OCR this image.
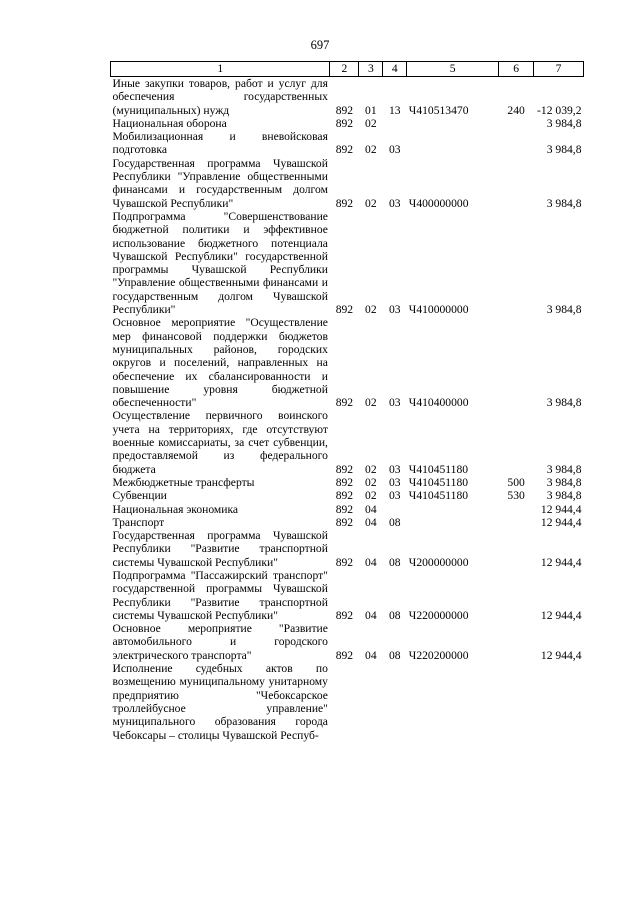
697
1	2	3	4	5	6	7
Иные закупки товаров, работ и услуг для обеспечения государственных (муниципальных) нужд	892	01	13	Ч410513470	240	-12 039,2
Национальная оборона	892	02				3 984,8
Мобилизационная и вневойсковая подготовка	892	02	03			3 984,8
Государственная программа Чувашской Республики "Управление общественными финансами и государственным долгом Чувашской Республики"	892	02	03	Ч400000000		3 984,8
Подпрограмма "Совершенствование бюджетной политики и эффективное использование бюджетного потенциала Чувашской Республики" государственной программы Чувашской Республики "Управление общественными финансами и государственным долгом Чувашской Республики"	892	02	03	Ч410000000		3 984,8
Основное мероприятие "Осуществление мер финансовой поддержки бюджетов муниципальных районов, городских округов и поселений, направленных на обеспечение их сбалансированности и повышение уровня бюджетной обеспеченности"	892	02	03	Ч410400000		3 984,8
Осуществление первичного воинского учета на территориях, где отсутствуют военные комиссариаты, за счет субвенции, предоставляемой из федерального бюджета	892	02	03	Ч410451180		3 984,8
Межбюджетные трансферты	892	02	03	Ч410451180	500	3 984,8
Субвенции	892	02	03	Ч410451180	530	3 984,8
Национальная экономика	892	04				12 944,4
Транспорт	892	04	08			12 944,4
Государственная программа Чувашской Республики "Развитие транспортной системы Чувашской Республики"	892	04	08	Ч200000000		12 944,4
Подпрограмма "Пассажирский транспорт" государственной программы Чувашской Республики "Развитие транспортной системы Чувашской Республики"	892	04	08	Ч220000000		12 944,4
Основное мероприятие "Развитие автомобильного и городского электрического транспорта"	892	04	08	Ч220200000		12 944,4
Исполнение судебных актов по возмещению муниципальному унитарному предприятию "Чебоксарское троллейбусное управление" муниципального образования города Чебоксары – столицы Чувашской Респуб-						
